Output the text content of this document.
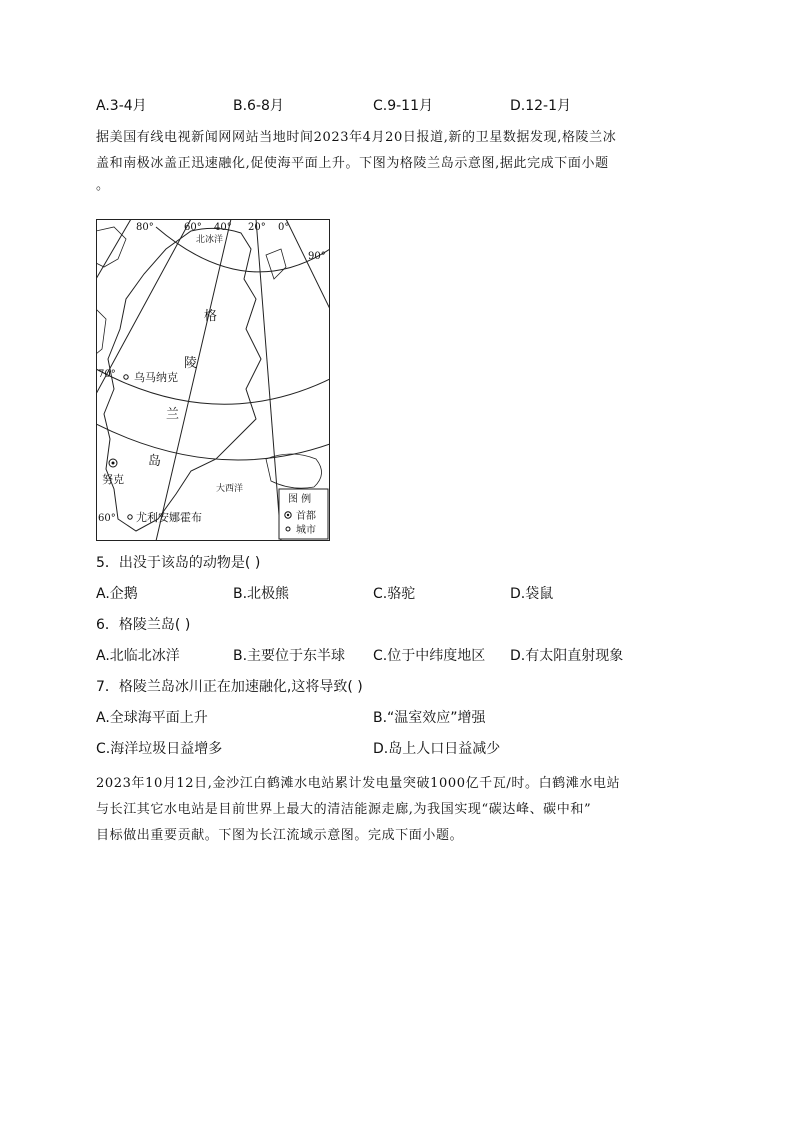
A.3-4月	B.6-8月	C.9-11月	D.12-1月

据美国有线电视新闻网网站当地时间2023年4月20日报道,新的卫星数据发现,格陵兰冰

盖和南极冰盖正迅速融化,促使海平面上升。下图为格陵兰岛示意图,据此完成下面小题

。

80°	60° 40° 20° 0°
90°
70°
60°
北冰洋
格
陵
兰
岛
乌马纳克
努克
尤利安娜霍布
大西洋
图 例
首都
城市
5．出没于该岛的动物是( )
A.企鹅	B.北极熊	C.骆驼	D.袋鼠
6．格陵兰岛( )
A.北临北冰洋	B.主要位于东半球 C.位于中纬度地区 D.有太阳直射现象
7．格陵兰岛冰川正在加速融化,这将导致( )
A.全球海平面上升	B.“温室效应”增强
C.海洋垃圾日益增多	D.岛上人口日益减少

2023年10月12日,金沙江白鹤滩水电站累计发电量突破1000亿千瓦/时。白鹤滩水电站

与长江其它水电站是目前世界上最大的清洁能源走廊,为我国实现“碳达峰、碳中和”

目标做出重要贡献。下图为长江流域示意图。完成下面小题。
